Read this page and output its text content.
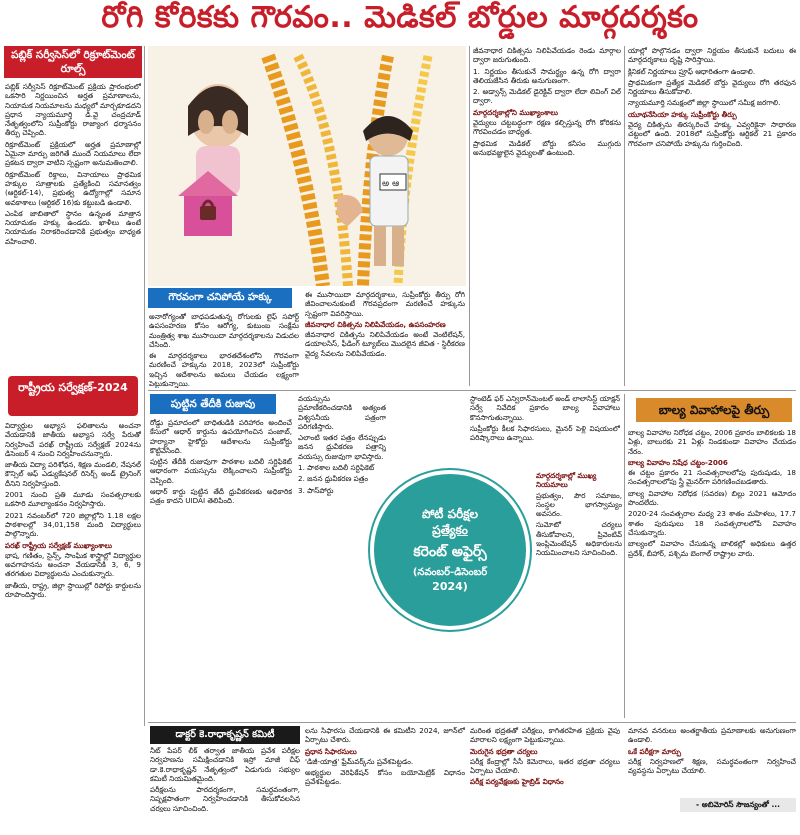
రోగి కోరికకు గౌరవం.. మెడికల్ బోర్డుల మార్గదర్శకం
పబ్లిక్ సర్వీసెస్‌లో రిక్రూట్‌మెంట్ రూల్స్

పబ్లిక్ సర్వీసెస్ రిక్రూట్‌మెంట్ ప్రక్రియ ప్రారంభంలో ఒకసారి నిర్ణయించిన అర్హత ప్రమాణాలను, నియామక నియమాలను మధ్యలో మార్చకూడదని ప్రధాన న్యాయమూర్తి డి.వై చంద్రచూడ్ నేతృత్వంలోని సుప్రీంకోర్టు రాజ్యాంగ ధర్మాసనం తీర్పు చెప్పింది.

రిక్రూట్‌మెంట్ ప్రక్రియలో అర్హత ప్రమాణాల్లో ఏమైనా మార్పు జరిగితే ముందే నియమాలు లేదా ప్రకటన ద్వారా వాటిని స్పష్టంగా అనుమతించాలి.

రిక్రూట్‌మెంట్ రిక్తాలు, వినాయాలు ప్రాథమిక హక్కుల సూత్రాలకు ప్రత్యేకించి సమానత్వం (ఆర్టికల్-14), ప్రభుత్వ ఉద్యోగాల్లో సమాన అవకాశాలు (ఆర్టికల్ 16)కు కట్టుబడి ఉండాలి.

ఎంపిక జాబితాలో స్థానం ఉన్నంత మాత్రాన నియామకం హక్కు ఉండదు. ఖాళీలు ఉంటే నియామకం నిరాకరించడానికి ప్రభుత్వం బాధ్యత వహించాలి.

రాష్ట్రీయ సర్వేక్షణ్-2024

విద్యార్థుల అభ్యాస ఫలితాలను అంచనా వేయడానికి జాతీయ అభ్యాస సర్వే పేరుతో నిర్వహించే పరఖ్ రాష్ట్రీయ సర్వేక్షణ్ 2024ను డిసెంబర్ 4 నుంచి నిర్వహించనున్నారు.

జాతీయ విద్యా పరిశోధన, శిక్షణ మండలి, నేషనల్ కౌన్సిల్ ఆఫ్ ఎడ్యుకేషనల్ రిసెర్చ్ అండ్ ట్రైనింగ్ దీనిని నిర్వహిస్తుంది.

2001 నుంచి ప్రతి మూడు సంవత్సరాలకు ఒకసారి మూల్యాంకనం నిర్వహిస్తారు.

2021 నవంబర్‌లో 720 జిల్లాల్లోని 1.18 లక్షల పాఠశాలల్లో 34,01,158 మంది విద్యార్థులు పాల్గొన్నారు.

పరఖ్ రాష్ట్రీయ సర్వేక్షణ్ ముఖ్యాంశాలు

భాష, గణితం, సైన్స్, సాంఘిక శాస్త్రాల్లో విద్యార్థుల అవగాహనను అంచనా వేయడానికి 3, 6, 9 తరగతుల విద్యార్థులను ఎంచుకున్నారు.

జాతీయ, రాష్ట్ర, జిల్లా స్థాయిల్లో రిపోర్టు కార్డులను రూపొందిస్తారు.

అ ఆ
గౌరవంగా చనిపోయే హక్కు

అనారోగ్యంతో బాధపడుతున్న రోగులకు లైఫ్ సపోర్ట్ ఉపసంహరణ కోసం ఆరోగ్య, కుటుంబ సంక్షేమ మంత్రిత్వ శాఖ ముసాయిదా మార్గదర్శకాలను విడుదల చేసింది.

ఈ మార్గదర్శకాలు భారతదేశంలోని గౌరవంగా మరణించే హక్కును 2018, 2023లో సుప్రీంకోర్టు ఇచ్చిన ఆదేశాలను అమలు చేయడం లక్ష్యంగా పెట్టుకున్నాయి.

ఈ ముసాయిదా మార్గదర్శకాలు, సుప్రీంకోర్టు తీర్పు రోగి జీవించాలనుకుంటే గౌరవప్రదంగా మరణించే హక్కును స్పష్టంగా వివరిస్తాయి.

జీవనాధార చికిత్సను నిలిపివేయడం, ఉపసంహరణ

జీవనాధార చికిత్సను నిలిపివేయడం అంటే వెంటిలేషన్, డయాలసిస్, ఫీడింగ్ ట్యూబ్‌లు మొదలైన జీవిత - స్థిరీకరణ వైద్య సేవలను నిలిపివేయడం.

జీవనాధార చికిత్సను నిలిపివేయడం రెండు మార్గాల ద్వారా జరుగుతుంది.

1. నిర్ణయం తీసుకునే సామర్థ్యం ఉన్న రోగి ద్వారా తెలియజేసిన తీరుకు అనుగుణంగా.

2. అడ్వాన్స్ మెడికల్ డైరెక్టివ్ ద్వారా లేదా లివింగ్ విల్ ద్వారా.

మార్గదర్శకాల్లోని ముఖ్యాంశాలు

వైద్యులు చట్టబద్ధంగా రక్షణ కల్పిస్తున్న రోగి కోరికను గౌరవించడం బాధ్యత.

ప్రాథమిక మెడికల్ బోర్డు కనీసం ముగ్గురు అనుభవజ్ఞులైన వైద్యులతో ఉంటుంది.

యాల్లో పొల్గొనడం ద్వారా నిర్ణయం తీసుకునే బదులు ఈ మార్గదర్శకాలు దృష్టి సారిస్తాయి.

క్లినికల్ నిర్ణయాలు ప్రూఫ్ ఆధారితంగా ఉండాలి.

ప్రాథమికంగా ప్రత్యేక మెడికల్ బోర్డు వైద్యులు రోగి తరఫున నిర్ణయాలు తీసుకోవాలి.

న్యాయమూర్తి సమక్షంలో జిల్లా స్థాయిలో సమీక్ష జరగాలి.

యూథనేసియా హక్కు సుప్రీంకోర్టు తీర్పు

వైద్య చికిత్సను తిరస్కరించే హక్కు ఎవ్వరికైనా సాధారణ చట్టంలో ఉంది. 2018లో సుప్రీంకోర్టు ఆర్టికల్ 21 ప్రకారం గౌరవంగా చనిపోయే హక్కును గుర్తించింది.

పుట్టిన తేదీకి రుజువు

రోడ్డు ప్రమాదంలో బాధితుడికి పరిహారం అందించే కేసులో ఆధార్ కార్డును ఉపయోగించిన పంజాబ్, హర్యానా హైకోర్టు ఆదేశాలను సుప్రీంకోర్టు కొట్టివేసింది.

పుట్టిన తేదీకి రుజువుగా పాఠశాల బదిలీ సర్టిఫికెట్ ఆధారంగా వయస్సును లెక్కించాలని సుప్రీంకోర్టు చెప్పింది.

ఆధార్ కార్డు పుట్టిన తేదీ ధ్రువీకరణకు అధికారిక పత్రం కాదని UIDAI తెలిపింది.

వయస్సును ప్రమాణీకరించడానికి అత్యంత విశ్వసనీయ పత్రంగా పరిగణిస్తారు.

ఎలాంటి ఇతర పత్రం లేనప్పుడు జనన ధ్రువీకరణ పత్రాన్ని వయస్సు రుజువుగా భావిస్తారు.

1. పాఠశాల బదిలీ సర్టిఫికెట్

2. జనన ధ్రువీకరణ పత్రం

3. పాస్‌పోర్టు

పోటీ పరీక్షల
ప్రత్యేకం
కరెంట్ అఫైర్స్
(నవంబర్-డిసెంబర్
2024)

స్టాంటెడ్ ఫర్ ఎన్విరాన్‌మెంటల్ అండ్ లాలాసిస్ట్ యాక్షన్ సర్వే నివేదిక ప్రకారం బాల్య వివాహాలు కొనసాగుతున్నాయి.

సుప్రీంకోర్టు కీలక సిఫారసులు, మైనర్ పెళ్లి విషయంలో పరిష్కారాలు ఉన్నాయి.

మార్గదర్శకాల్లో ముఖ్య నియమాలు

ప్రభుత్వం, పౌర సమాజం, సంస్థల భాగస్వామ్యం అవసరం.

సుమోటో చర్యలు తీసుకోవాలని, ప్రివెంటివ్ ఇంప్లిమెంటేషన్ అధికారులను నియమించాలని సూచించింది.

బాల్య వివాహాలపై తీర్పు

బాల్య వివాహాల నిరోధక చట్టం, 2006 ప్రకారం బాలికలకు 18 ఏళ్లు, బాలురకు 21 ఏళ్లు నిండకుండా వివాహం చేయడం నేరం.

బాల్య వివాహం నిషేధ చట్టం-2006

ఈ చట్టం ప్రకారం 21 సంవత్సరాలలోపు పురుషుడు, 18 సంవత్సరాలలోపు స్త్రీ మైనర్‌గా పరిగణించబడతారు.

బాల్య వివాహాల నిరోధక (సవరణ) బిల్లు 2021 ఆమోదం పొందలేదు.

2020-24 సంవత్సరాల మధ్య 23 శాతం మహిళలు, 17.7 శాతం పురుషులు 18 సంవత్సరాలలోపే వివాహం చేసుకున్నారు.

బాల్యంలో వివాహం చేసుకున్న బాలికల్లో అధికులు ఉత్తర ప్రదేశ్, బీహార్, పశ్చిమ బెంగాల్ రాష్ట్రాల వారు.

డాక్టర్ కె.రాధాకృష్ణన్ కమిటీ

నీట్ పేపర్ లీక్ తర్వాత జాతీయ ప్రవేశ పరీక్షల నిర్వహణను సమీక్షించడానికి ఇస్రో మాజీ చీఫ్ డా.కె.రాధాకృష్ణన్ నేతృత్వంలో ఏడుగురు సభ్యుల కమిటీ నియమితమైంది.

పరీక్షలను పారదర్శకంగా, సమర్థవంతంగా, నిష్పక్షపాతంగా నిర్వహించడానికి తీసుకోవలసిన చర్యలు సూచించింది.

లను సిఫారసు చేయడానికి ఈ కమిటీని 2024, జూన్‌లో ఏర్పాటు చేశారు.

ప్రధాన సిఫారసులు

'డిజీ-యాత్ర' ఫ్రేమ్‌వర్క్‌ను ప్రవేశపెట్టడం.

అభ్యర్థుల వెరిఫికేషన్ కోసం బయోమెట్రిక్ విధానం ప్రవేశపెట్టడం.

మరింత భద్రతతో పరీక్షలు, కాగితరహిత ప్రక్రియ వైపు మారాలని లక్ష్యంగా పెట్టుకున్నాయి.

మెరుగైన భద్రతా చర్యలు

పరీక్ష కేంద్రాల్లో సీసీ కెమెరాలు, ఇతర భద్రతా చర్యలు ఏర్పాటు చేయాలి.

పరీక్ష పర్యవేక్షణకు హైబ్రిడ్ విధానం

మానవ వనరులు అంతర్జాతీయ ప్రమాణాలకు అనుగుణంగా ఉండాలి.

ఒకే పరీక్షగా మార్పు

పరీక్ష నిర్వహణలో శిక్షణ, సమర్థవంతంగా నిర్వహించే వ్యవస్థను ఏర్పాటు చేయాలి.

- అబిమోరిస్ సౌజన్యంతో ...
